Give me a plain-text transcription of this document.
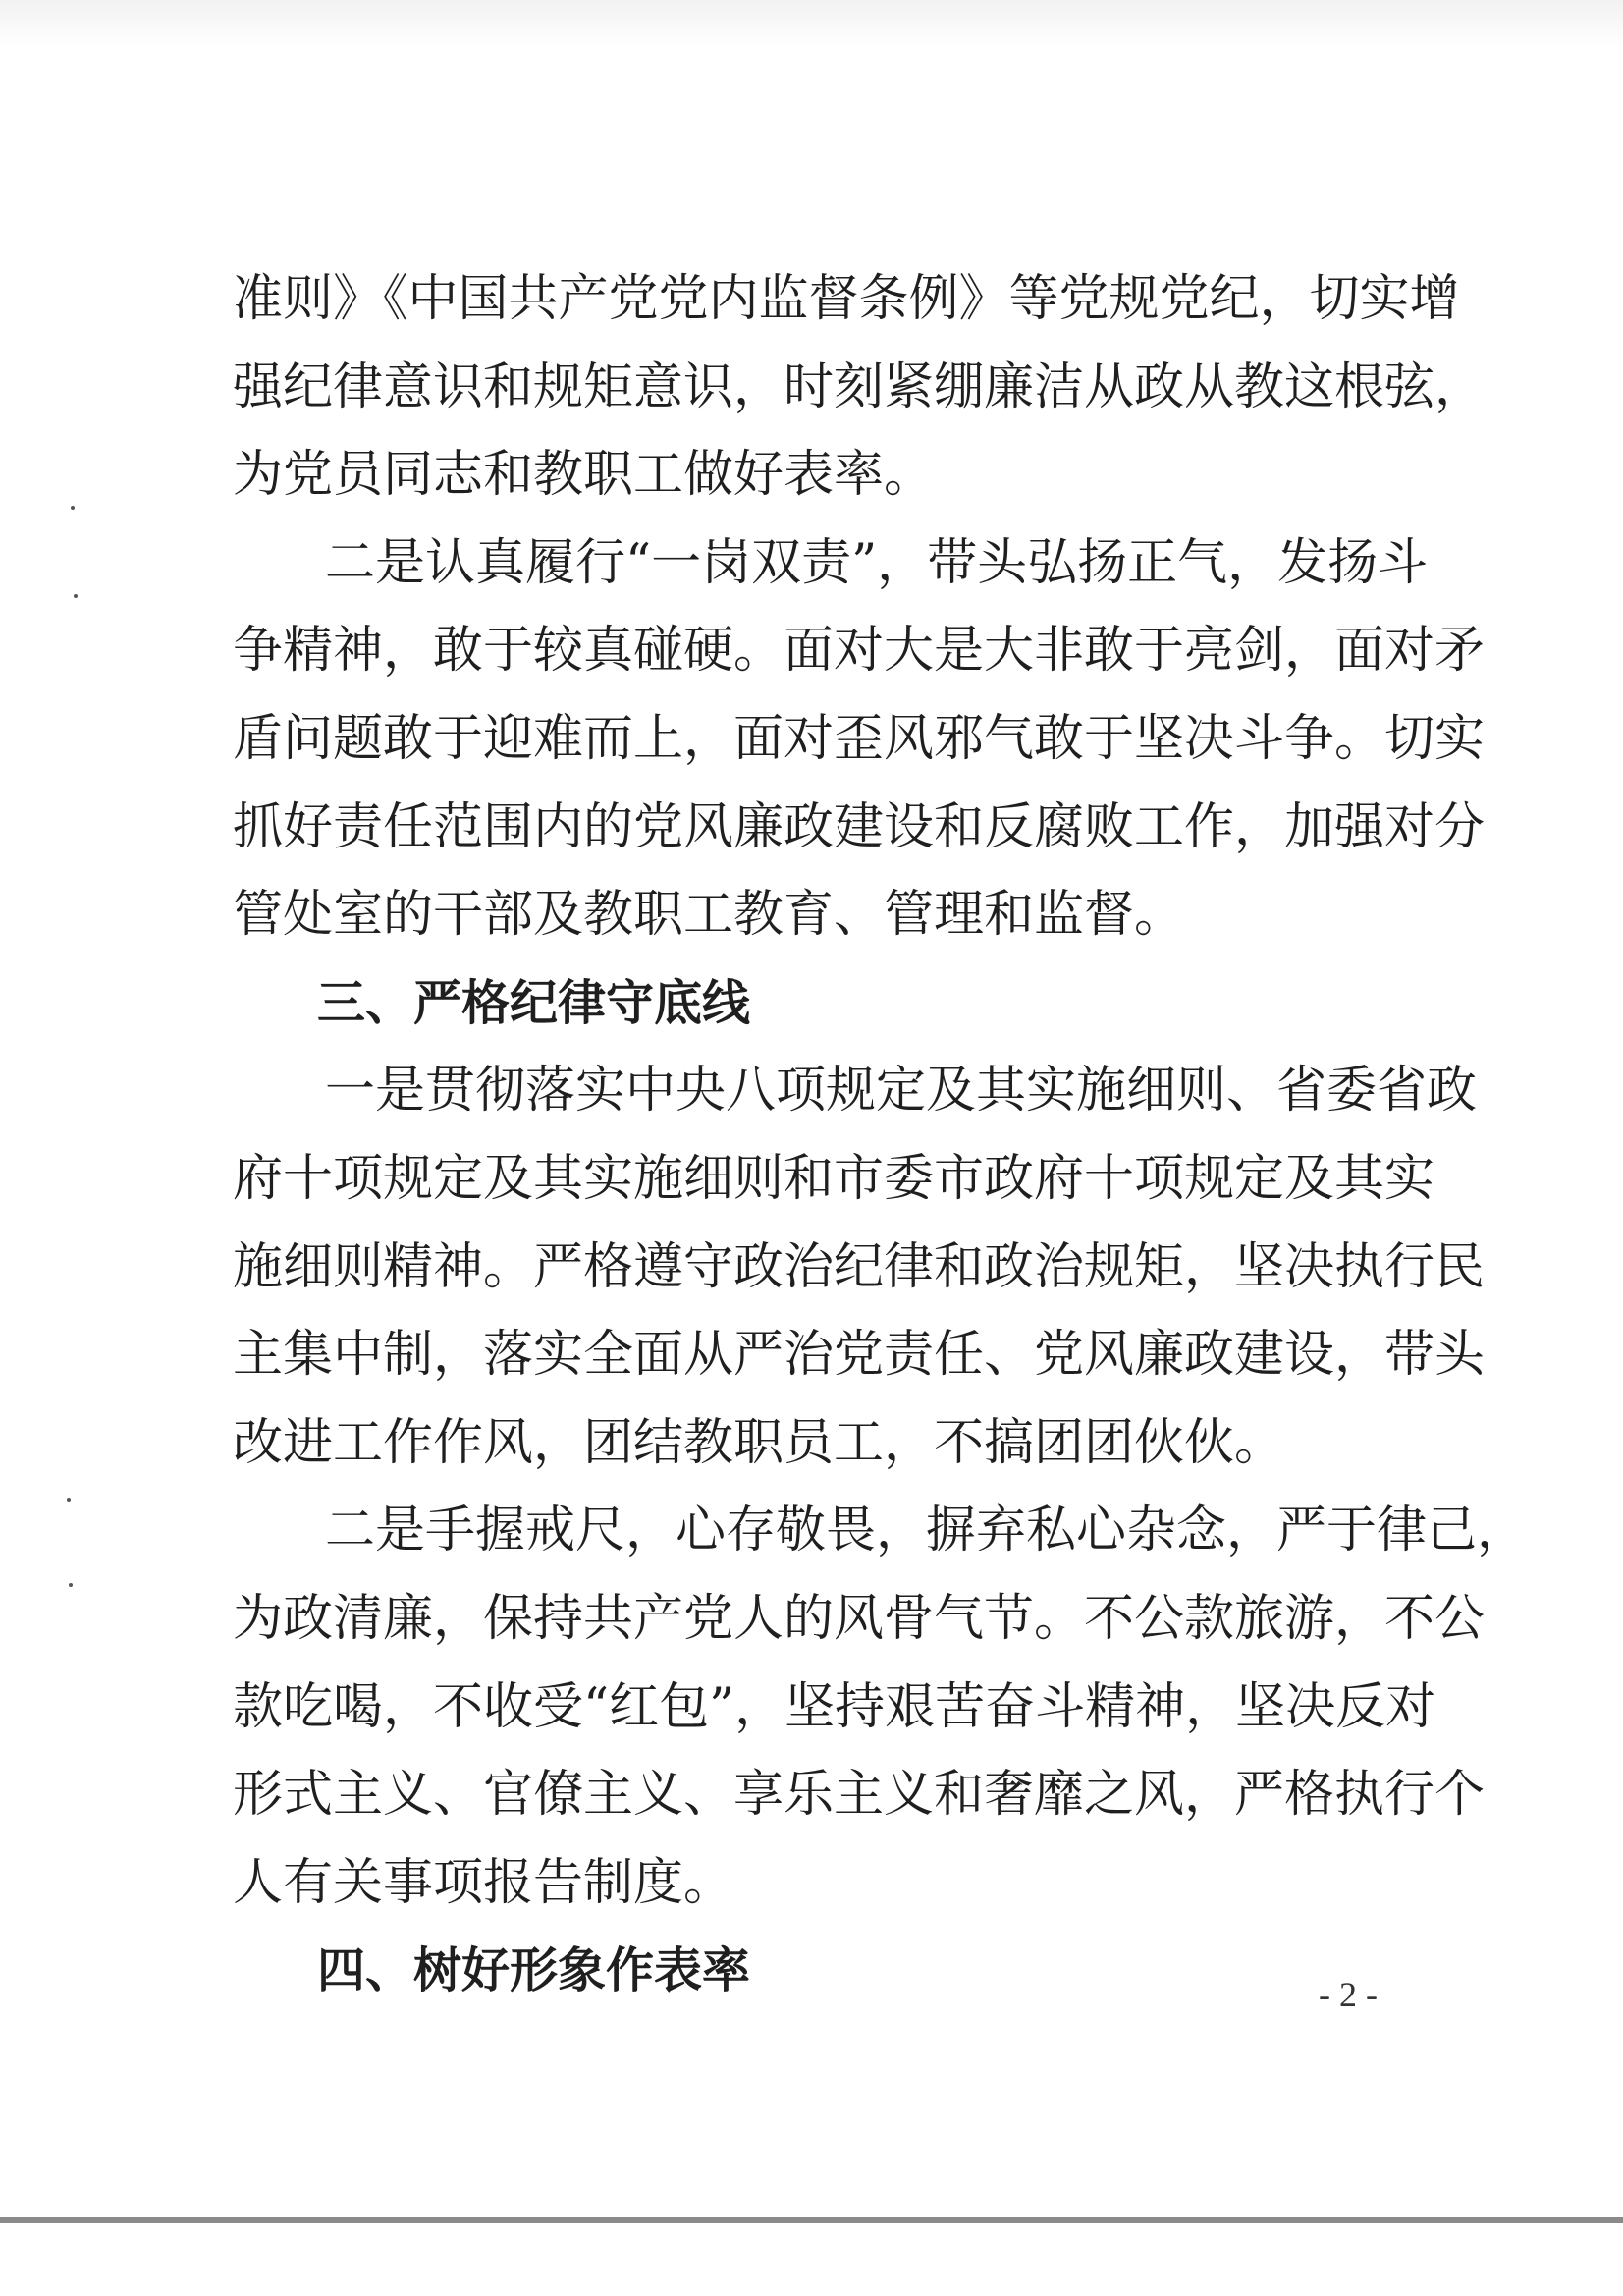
准则》《中国共产党党内监督条例》等党规党纪，切实增
强纪律意识和规矩意识，时刻紧绷廉洁从政从教这根弦，
为党员同志和教职工做好表率。
二是认真履行“一岗双责”，带头弘扬正气，发扬斗
争精神，敢于较真碰硬。面对大是大非敢于亮剑，面对矛
盾问题敢于迎难而上，面对歪风邪气敢于坚决斗争。切实
抓好责任范围内的党风廉政建设和反腐败工作，加强对分
管处室的干部及教职工教育、管理和监督。
三、严格纪律守底线
一是贯彻落实中央八项规定及其实施细则、省委省政
府十项规定及其实施细则和市委市政府十项规定及其实
施细则精神。严格遵守政治纪律和政治规矩，坚决执行民
主集中制，落实全面从严治党责任、党风廉政建设，带头
改进工作作风，团结教职员工，不搞团团伙伙。
二是手握戒尺，心存敬畏，摒弃私心杂念，严于律己，
为政清廉，保持共产党人的风骨气节。不公款旅游，不公
款吃喝，不收受“红包”，坚持艰苦奋斗精神，坚决反对
形式主义、官僚主义、享乐主义和奢靡之风，严格执行个
人有关事项报告制度。
四、树好形象作表率	- 2 -
